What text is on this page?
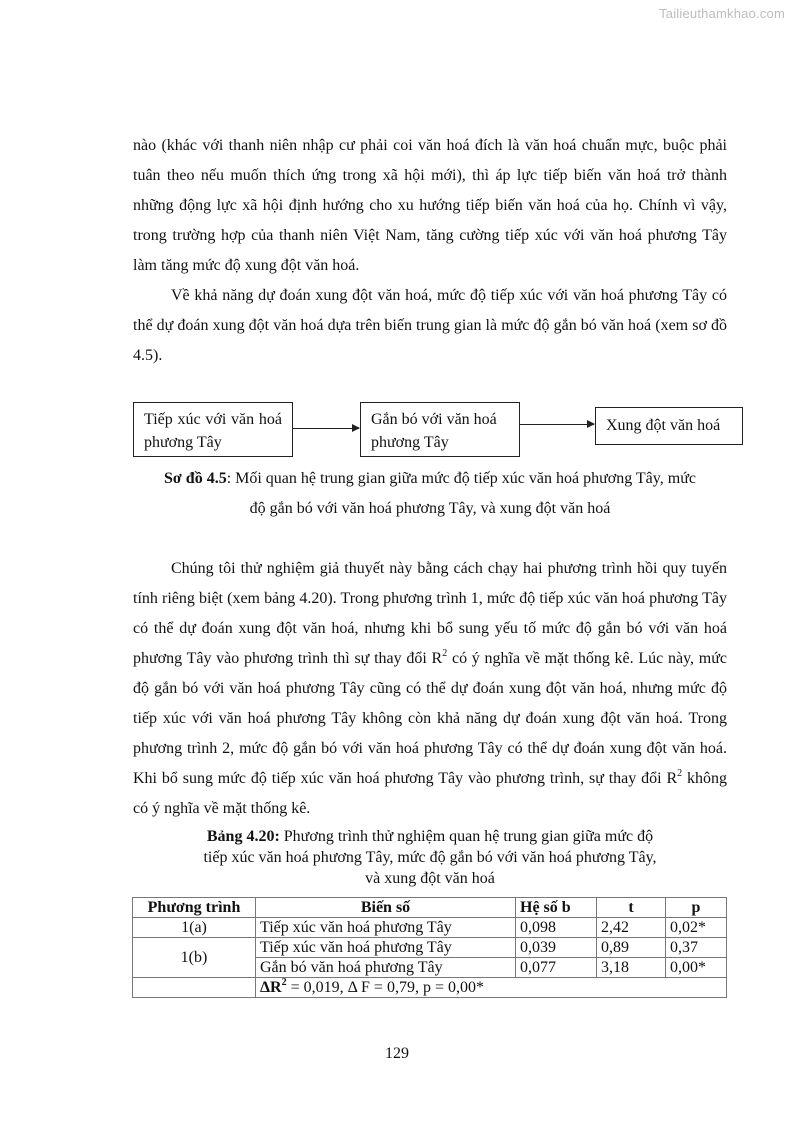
Tailieuthamkhao.com

nào (khác với thanh niên nhập cư phải coi văn hoá đích là văn hoá chuẩn mực, buộc phải tuân theo nếu muốn thích ứng trong xã hội mới), thì áp lực tiếp biến văn hoá trở thành những động lực xã hội định hướng cho xu hướng tiếp biến văn hoá của họ. Chính vì vậy, trong trường hợp của thanh niên Việt Nam, tăng cường tiếp xúc với văn hoá phương Tây làm tăng mức độ xung đột văn hoá.

Về khả năng dự đoán xung đột văn hoá, mức độ tiếp xúc với văn hoá phương Tây có thể dự đoán xung đột văn hoá dựa trên biến trung gian là mức độ gắn bó văn hoá (xem sơ đồ 4.5).

Tiếp xúc với văn hoá phương Tây
Gắn bó với văn hoá phương Tây
Xung đột văn hoá

Sơ đồ 4.5: Mối quan hệ trung gian giữa mức độ tiếp xúc văn hoá phương Tây, mức
độ gắn bó với văn hoá phương Tây, và xung đột văn hoá

Chúng tôi thử nghiệm giả thuyết này bằng cách chạy hai phương trình hồi quy tuyến tính riêng biệt (xem bảng 4.20). Trong phương trình 1, mức độ tiếp xúc văn hoá phương Tây có thể dự đoán xung đột văn hoá, nhưng khi bổ sung yếu tố mức độ gắn bó với văn hoá phương Tây vào phương trình thì sự thay đổi $R^2$ có ý nghĩa về mặt thống kê. Lúc này, mức độ gắn bó với văn hoá phương Tây cũng có thể dự đoán xung đột văn hoá, nhưng mức độ tiếp xúc với văn hoá phương Tây không còn khả năng dự đoán xung đột văn hoá. Trong phương trình 2, mức độ gắn bó với văn hoá phương Tây có thể dự đoán xung đột văn hoá. Khi bổ sung mức độ tiếp xúc văn hoá phương Tây vào phương trình, sự thay đổi $R^2$ không có ý nghĩa về mặt thống kê.

Bảng 4.20: Phương trình thử nghiệm quan hệ trung gian giữa mức độ
tiếp xúc văn hoá phương Tây, mức độ gắn bó với văn hoá phương Tây,
và xung đột văn hoá

Phương trình	Biến số	Hệ số b	t	p
1(a)	Tiếp xúc văn hoá phương Tây	0,098	2,42	0,02*
1(b)	Tiếp xúc văn hoá phương Tây	0,039	0,89	0,37
	Gắn bó văn hoá phương Tây	0,077	3,18	0,00*
	$\Delta R^2 = 0,019$, Δ F = 0,79, p = 0,00*			
129
